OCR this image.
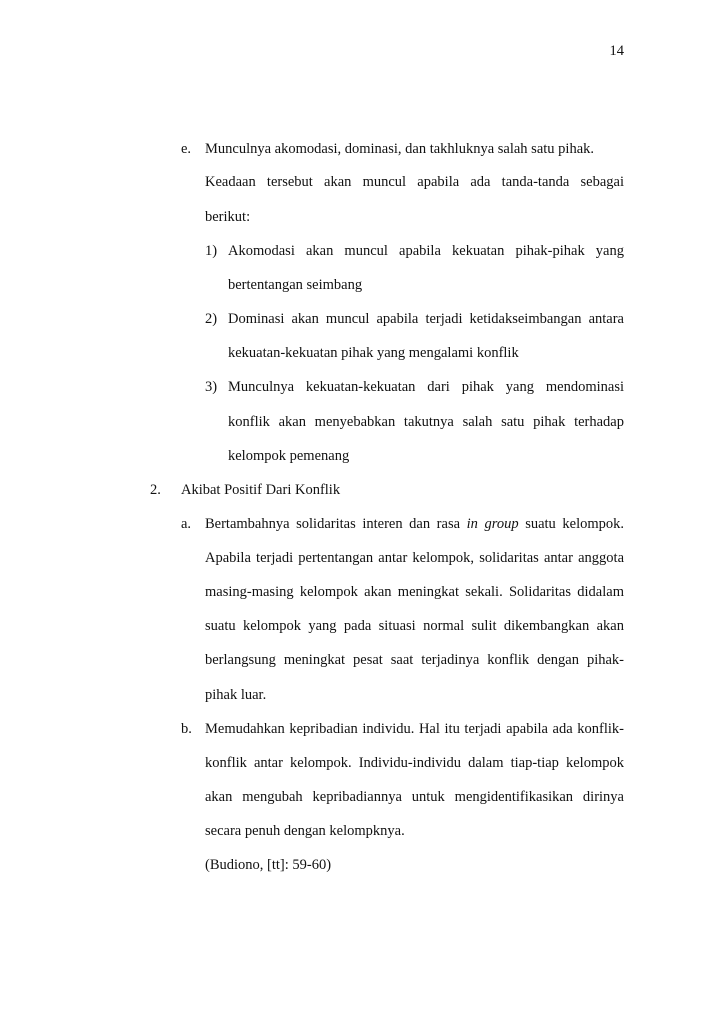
14
e. Munculnya akomodasi, dominasi, dan takhluknya salah satu pihak.
Keadaan tersebut akan muncul apabila ada tanda-tanda sebagai
berikut:
1) Akomodasi akan muncul apabila kekuatan pihak-pihak yang
bertentangan seimbang
2) Dominasi akan muncul apabila terjadi ketidakseimbangan antara
kekuatan-kekuatan pihak yang mengalami konflik
3) Munculnya kekuatan-kekuatan dari pihak yang mendominasi
konflik akan menyebabkan takutnya salah satu pihak terhadap
kelompok pemenang
2. Akibat Positif Dari Konflik
a. Bertambahnya solidaritas interen dan rasa in group suatu kelompok.
Apabila terjadi pertentangan antar kelompok, solidaritas antar anggota
masing-masing kelompok akan meningkat sekali. Solidaritas didalam
suatu kelompok yang pada situasi normal sulit dikembangkan akan
berlangsung meningkat pesat saat terjadinya konflik dengan pihak-
pihak luar.
b. Memudahkan kepribadian individu. Hal itu terjadi apabila ada konflik-
konflik antar kelompok. Individu-individu dalam tiap-tiap kelompok
akan mengubah kepribadiannya untuk mengidentifikasikan dirinya
secara penuh dengan kelompknya.
(Budiono, [tt]: 59-60)
